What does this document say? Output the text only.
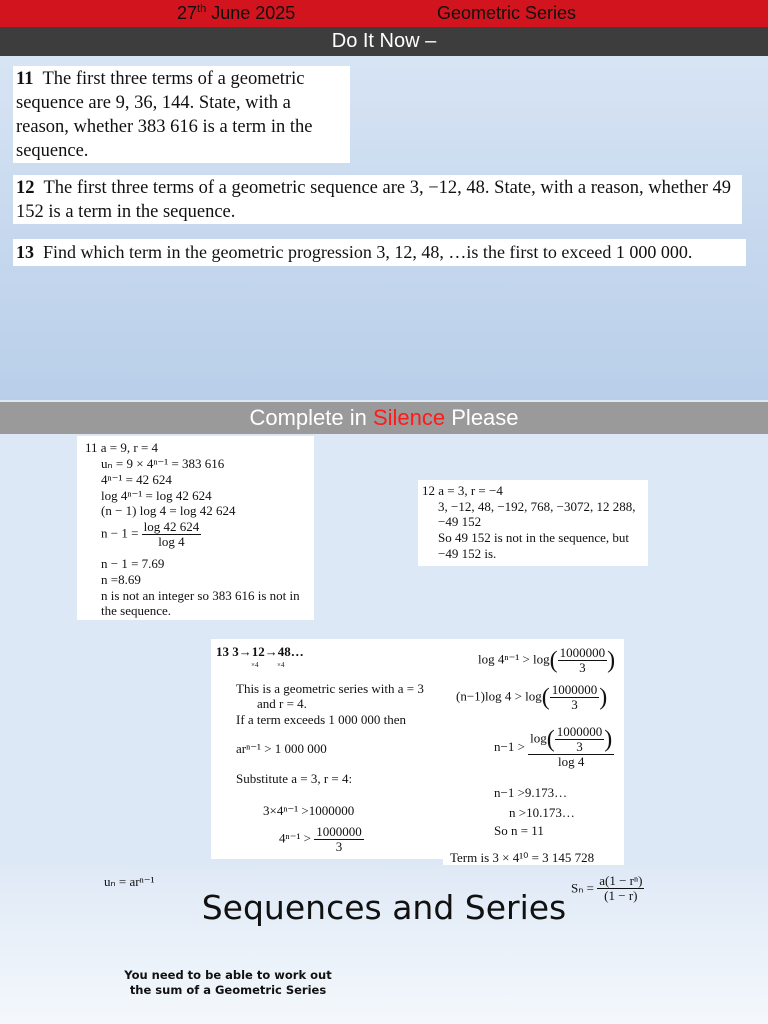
27th June 2025	Geometric Series
Do It Now –
11 The first three terms of a geometric sequence are 9, 36, 144. State, with a reason, whether 383 616 is a term in the sequence.
12 The first three terms of a geometric sequence are 3, −12, 48. State, with a reason, whether 49 152 is a term in the sequence.
13 Find which term in the geometric progression 3, 12, 48, …is the first to exceed 1 000 000.
Complete in Silence Please
11 a = 9, r = 4
uₙ = 9 × 4ⁿ⁻¹ = 383 616
4ⁿ⁻¹ = 42 624
log 4ⁿ⁻¹ = log 42 624
(n − 1) log 4 = log 42 624
$n - 1 = \frac{\log 42 624}{\log 4}$
n − 1 = 7.69
n =8.69
n is not an integer so 383 616 is not in
the sequence.
12 a = 3, r = −4
3, −12, 48, −192, 768, −3072, 12 288,
−49 152
So 49 152 is not in the sequence, but
−49 152 is.
13 3→12→48…
×4	×4
This is a geometric series with a = 3
and r = 4.
If a term exceeds 1 000 000 then
arⁿ⁻¹ > 1 000 000
Substitute a = 3, r = 4:
3×4ⁿ⁻¹ >1000000
$4^{n-1} > \frac{1000000}{3}$
$\log 4^{n-1} > \log( \frac{1000000}{3}$ )
(n−1)log $4 > \log( \frac{1000000}{3}$ )
$n-1 > \frac{\log( \frac{1000000}{3} )}{\log 4}$
n−1 >9.173…
n >10.173…
So n = 11
Term is 3 × 4¹⁰ = 3 145 728
uₙ = arⁿ⁻¹	$S_n = \frac{\text{a(1 − rⁿ)}}{(1 - r)}$
Sequences and Series
You need to be able to work out
the sum of a Geometric Series
